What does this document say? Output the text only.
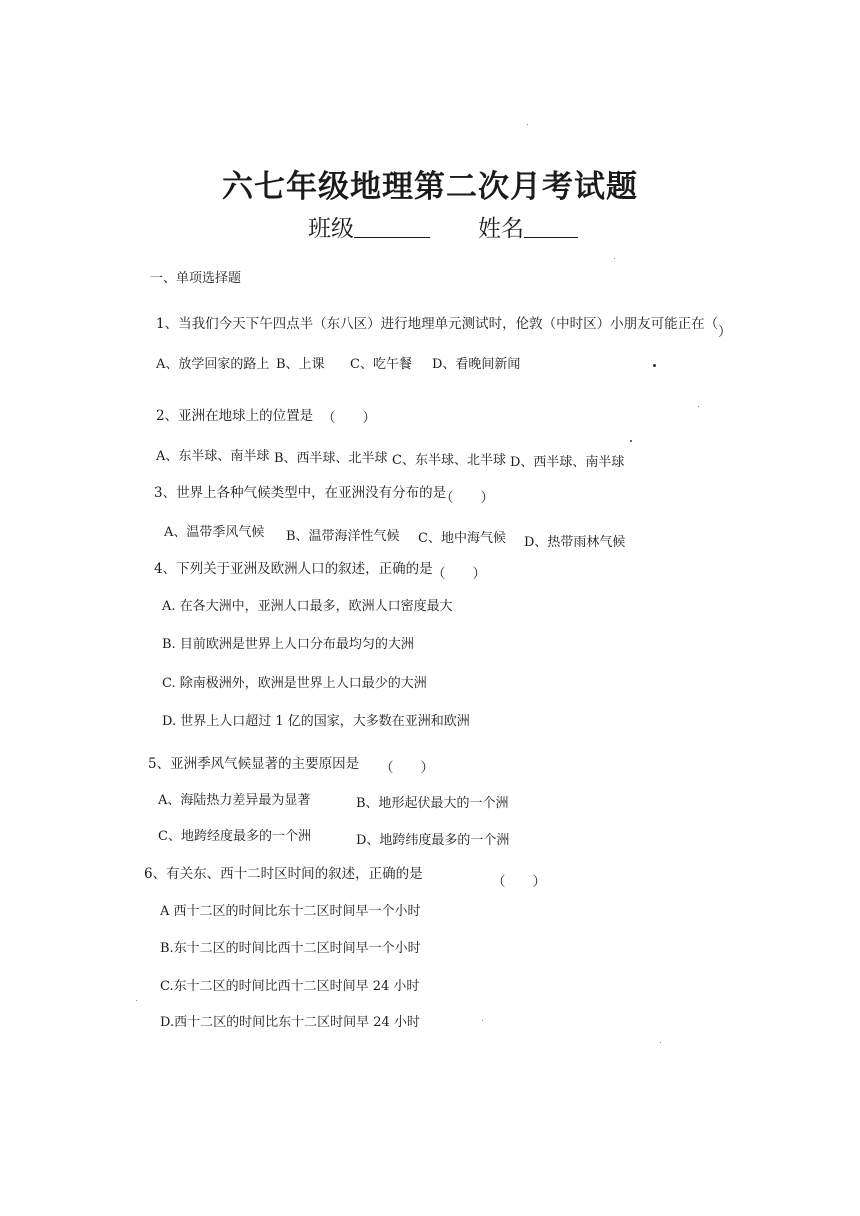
六七年级地理第二次月考试题
班级	姓名
一、单项选择题
1、当我们今天下午四点半（东八区）进行地理单元测试时，伦敦（中时区）小朋友可能正在（ ）
A、放学回家的路上 B、上课 C、吃午餐 D、看晚间新闻
2、亚洲在地球上的位置是 （　　）
A、东半球、南半球 B、西半球、北半球 C、东半球、北半球 D、西半球、南半球
3、世界上各种气候类型中，在亚洲没有分布的是
（　　）
A、温带季风气候 B、温带海洋性气候 C、地中海气候 D、热带雨林气候
4、下列关于亚洲及欧洲人口的叙述，正确的是 （　　）
A. 在各大洲中，亚洲人口最多，欧洲人口密度最大
B. 目前欧洲是世界上人口分布最均匀的大洲
C. 除南极洲外，欧洲是世界上人口最少的大洲
D. 世界上人口超过 1 亿的国家，大多数在亚洲和欧洲
5、亚洲季风气候显著的主要原因是 （　　）
A、海陆热力差异最为显著	B、地形起伏最大的一个洲
C、地跨经度最多的一个洲	D、地跨纬度最多的一个洲
6、有关东、西十二时区时间的叙述，正确的是	（　　）
A 西十二区的时间比东十二区时间早一个小时
B.东十二区的时间比西十二区时间早一个小时
C.东十二区的时间比西十二区时间早 24 小时
D.西十二区的时间比东十二区时间早 24 小时
